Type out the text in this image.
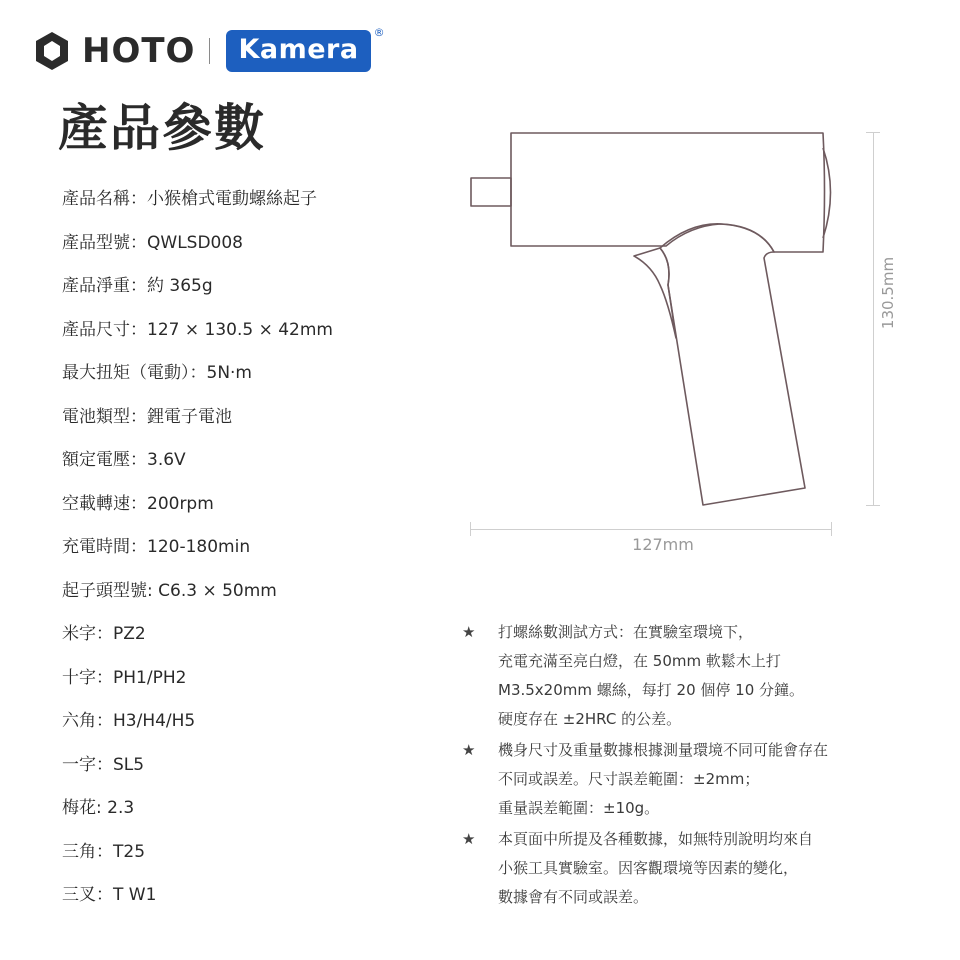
HOTO	Kamera
®
產品參數
產品名稱：小猴槍式電動螺絲起子
產品型號：QWLSD008
產品淨重：約 365g
產品尺寸：127 × 130.5 × 42mm
最大扭矩（電動）：5N·m
電池類型：鋰電子電池
額定電壓：3.6V
空載轉速：200rpm
充電時間：120-180min
起子頭型號: C6.3 × 50mm
米字：PZ2
十字：PH1/PH2
六角：H3/H4/H5
一字：SL5
梅花: 2.3
三角：T25
三叉：T W1
130.5mm
127mm
★ 打螺絲數測試方式：在實驗室環境下，
充電充滿至亮白燈，在 50mm 軟鬆木上打
M3.5x20mm 螺絲，每打 20 個停 10 分鐘。
硬度存在 ±2HRC 的公差。
★ 機身尺寸及重量數據根據測量環境不同可能會存在
不同或誤差。尺寸誤差範圍：±2mm；
重量誤差範圍：±10g。
★ 本頁面中所提及各種數據，如無特別說明均來自
小猴工具實驗室。因客觀環境等因素的變化，
數據會有不同或誤差。
